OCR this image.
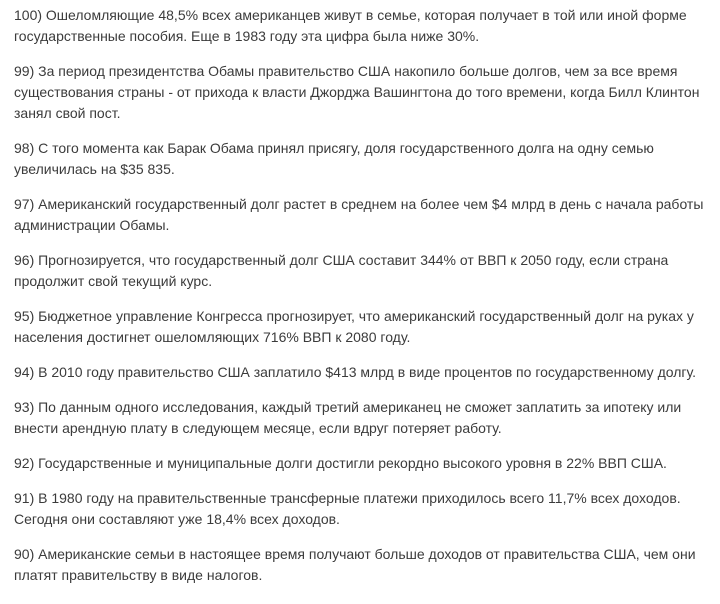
100) Ошеломляющие 48,5% всех американцев живут в семье, которая получает в той или иной форме государственные пособия. Еще в 1983 году эта цифра была ниже 30%.

99) За период президентства Обамы правительство США накопило больше долгов, чем за все время существования страны - от прихода к власти Джорджа Вашингтона до того времени, когда Билл Клинтон занял свой пост.

98) С того момента как Барак Обама принял присягу, доля государственного долга на одну семью увеличилась на $35 835.

97) Американский государственный долг растет в среднем на более чем $4 млрд в день с начала работы администрации Обамы.

96) Прогнозируется, что государственный долг США составит 344% от ВВП к 2050 году, если страна продолжит свой текущий курс.

95) Бюджетное управление Конгресса прогнозирует, что американский государственный долг на руках у населения достигнет ошеломляющих 716% ВВП к 2080 году.

94) В 2010 году правительство США заплатило $413 млрд в виде процентов по государственному долгу.

93) По данным одного исследования, каждый третий американец не сможет заплатить за ипотеку или внести арендную плату в следующем месяце, если вдруг потеряет работу.

92) Государственные и муниципальные долги достигли рекордно высокого уровня в 22% ВВП США.

91) В 1980 году на правительственные трансферные платежи приходилось всего 11,7% всех доходов. Сегодня они составляют уже 18,4% всех доходов.

90) Американские семьи в настоящее время получают больше доходов от правительства США, чем они платят правительству в виде налогов.
